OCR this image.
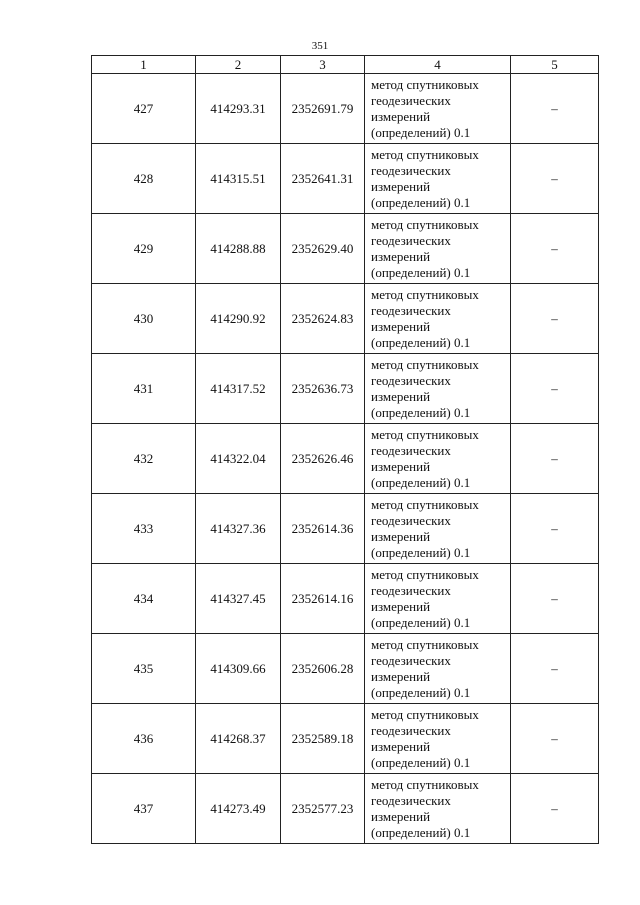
351
1	2	3	4	5
427	414293.31	2352691.79	метод спутниковых
геодезических
измерений
(определений) 0.1	–
428	414315.51	2352641.31	метод спутниковых
геодезических
измерений
(определений) 0.1	–
429	414288.88	2352629.40	метод спутниковых
геодезических
измерений
(определений) 0.1	–
430	414290.92	2352624.83	метод спутниковых
геодезических
измерений
(определений) 0.1	–
431	414317.52	2352636.73	метод спутниковых
геодезических
измерений
(определений) 0.1	–
432	414322.04	2352626.46	метод спутниковых
геодезических
измерений
(определений) 0.1	–
433	414327.36	2352614.36	метод спутниковых
геодезических
измерений
(определений) 0.1	–
434	414327.45	2352614.16	метод спутниковых
геодезических
измерений
(определений) 0.1	–
435	414309.66	2352606.28	метод спутниковых
геодезических
измерений
(определений) 0.1	–
436	414268.37	2352589.18	метод спутниковых
геодезических
измерений
(определений) 0.1	–
437	414273.49	2352577.23	метод спутниковых
геодезических
измерений
(определений) 0.1	–
